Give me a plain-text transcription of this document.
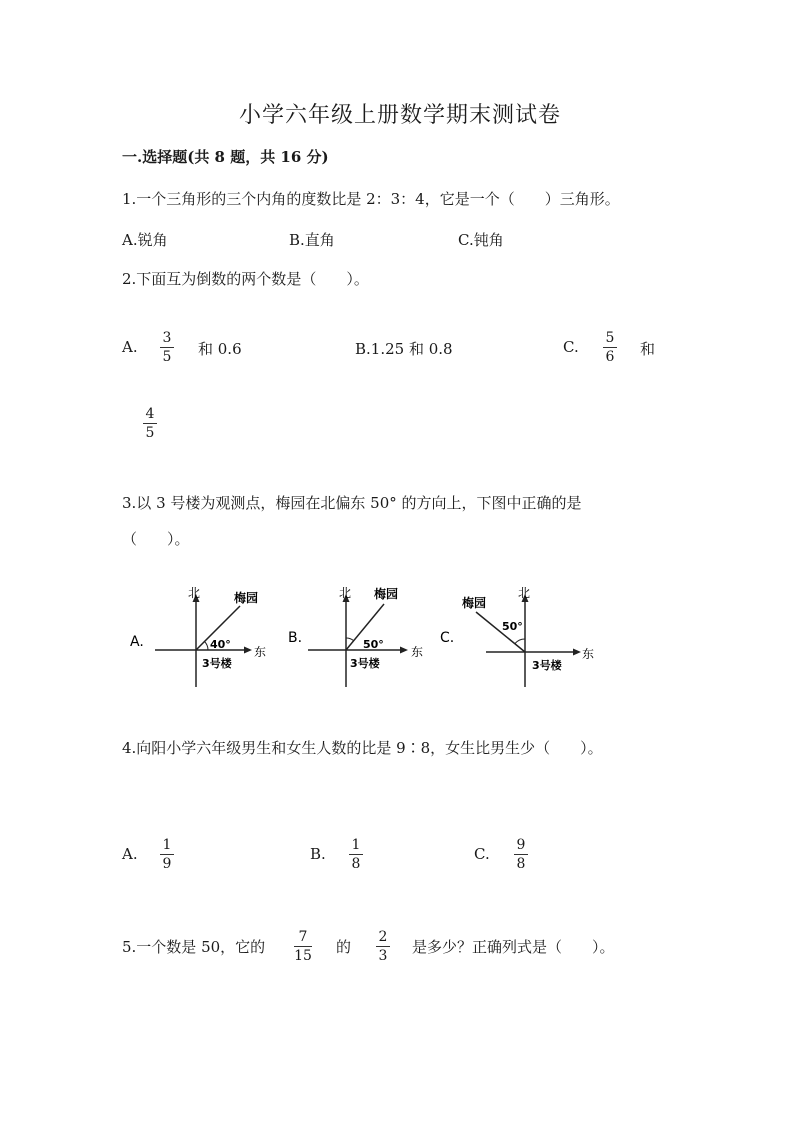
小学六年级上册数学期末测试卷
一.选择题(共 8 题，共 16 分)
1.一个三角形的三个内角的度数比是 2：3：4，它是一个（　　）三角形。
A.锐角	B.直角	C.钝角
2.下面互为倒数的两个数是（　　）。
A. 3
5 和 0.6	B.1.25 和 0.8	C. 5
6 和
4
5
3.以 3 号楼为观测点，梅园在北偏东 50° 的方向上，下图中正确的是
（　　）。
A.
北	梅园
40°
东
3号楼
B.
北 梅园
50°
东
3号楼
C.
北
梅园
50°
东
3号楼
4.向阳小学六年级男生和女生人数的比是 9∶8，女生比男生少（　　）。
A. 1
9
B. 1
8
C. 9
8
5.一个数是 50，它的
7
15 的
2
3 是多少？正确列式是（　　）。
